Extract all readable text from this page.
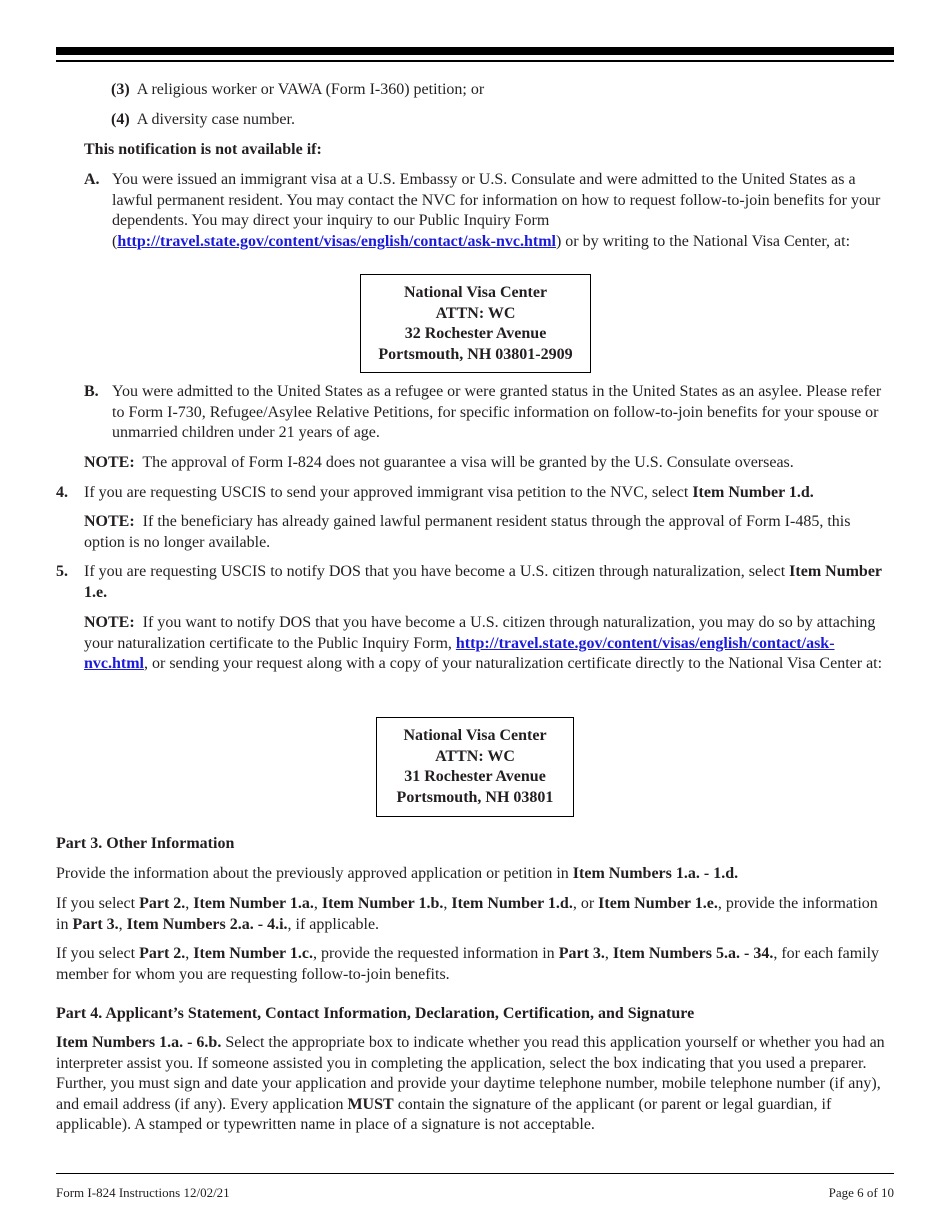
(3) A religious worker or VAWA (Form I-360) petition; or
(4) A diversity case number.
This notification is not available if:
A. You were issued an immigrant visa at a U.S. Embassy or U.S. Consulate and were admitted to the United States as a lawful permanent resident. You may contact the NVC for information on how to request follow-to-join benefits for your dependents. You may direct your inquiry to our Public Inquiry Form (http://travel.state.gov/content/visas/english/contact/ask-nvc.html) or by writing to the National Visa Center, at:
National Visa Center
ATTN: WC
32 Rochester Avenue
Portsmouth, NH 03801-2909
B. You were admitted to the United States as a refugee or were granted status in the United States as an asylee. Please refer to Form I-730, Refugee/Asylee Relative Petitions, for specific information on follow-to-join benefits for your spouse or unmarried children under 21 years of age.
NOTE: The approval of Form I-824 does not guarantee a visa will be granted by the U.S. Consulate overseas.
4. If you are requesting USCIS to send your approved immigrant visa petition to the NVC, select Item Number 1.d.
NOTE: If the beneficiary has already gained lawful permanent resident status through the approval of Form I-485, this option is no longer available.
5. If you are requesting USCIS to notify DOS that you have become a U.S. citizen through naturalization, select Item Number 1.e.
NOTE: If you want to notify DOS that you have become a U.S. citizen through naturalization, you may do so by attaching your naturalization certificate to the Public Inquiry Form, http://travel.state.gov/content/visas/english/contact/ask-nvc.html, or sending your request along with a copy of your naturalization certificate directly to the National Visa Center at:
National Visa Center
ATTN: WC
31 Rochester Avenue
Portsmouth, NH 03801
Part 3. Other Information
Provide the information about the previously approved application or petition in Item Numbers 1.a. - 1.d.
If you select Part 2., Item Number 1.a., Item Number 1.b., Item Number 1.d., or Item Number 1.e., provide the information in Part 3., Item Numbers 2.a. - 4.i., if applicable.
If you select Part 2., Item Number 1.c., provide the requested information in Part 3., Item Numbers 5.a. - 34., for each family member for whom you are requesting follow-to-join benefits.
Part 4. Applicant’s Statement, Contact Information, Declaration, Certification, and Signature
Item Numbers 1.a. - 6.b. Select the appropriate box to indicate whether you read this application yourself or whether you had an interpreter assist you. If someone assisted you in completing the application, select the box indicating that you used a preparer. Further, you must sign and date your application and provide your daytime telephone number, mobile telephone number (if any), and email address (if any). Every application MUST contain the signature of the applicant (or parent or legal guardian, if applicable). A stamped or typewritten name in place of a signature is not acceptable.
Form I-824 Instructions 12/02/21	Page 6 of 10
